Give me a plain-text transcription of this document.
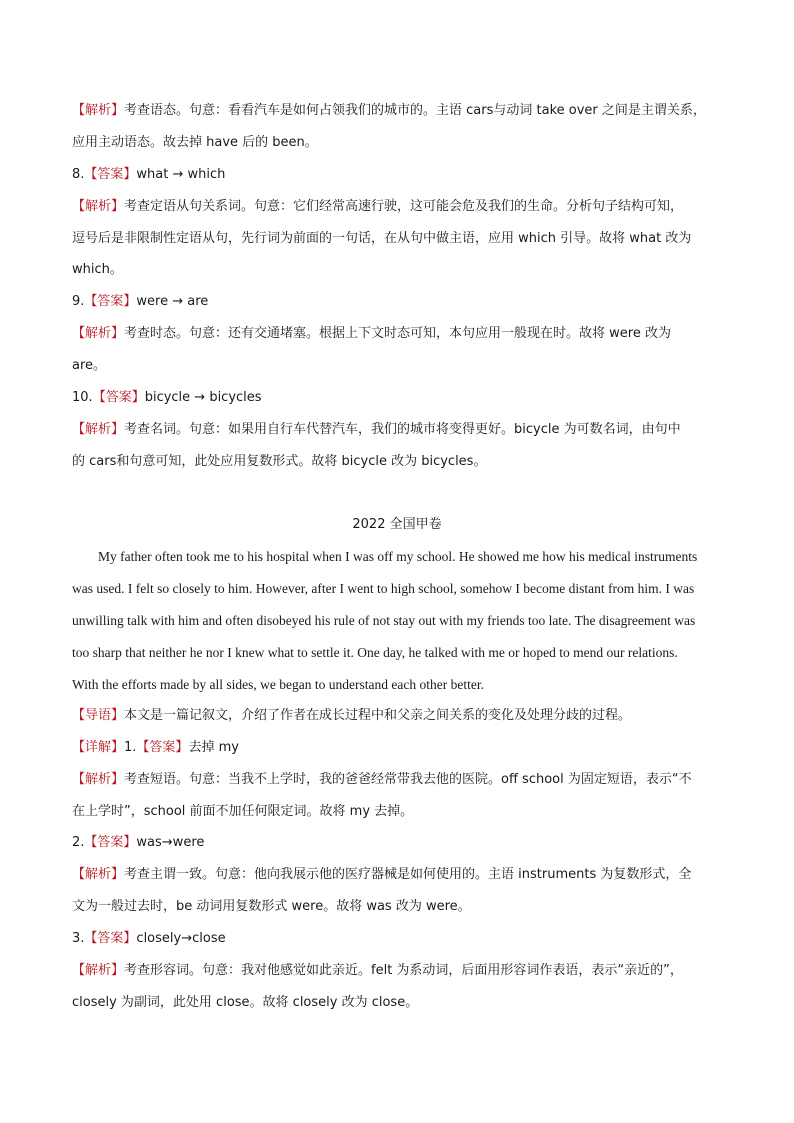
【解析】考查语态。句意：看看汽车是如何占领我们的城市的。主语 cars与动词 take over 之间是主谓关系，
应用主动语态。故去掉 have 后的 been。
8.【答案】what → which
【解析】考查定语从句关系词。句意：它们经常高速行驶，这可能会危及我们的生命。分析句子结构可知，
逗号后是非限制性定语从句，先行词为前面的一句话，在从句中做主语，应用 which 引导。故将 what 改为
which。
9.【答案】were → are
【解析】考查时态。句意：还有交通堵塞。根据上下文时态可知，本句应用一般现在时。故将 were 改为
are。
10.【答案】bicycle → bicycles
【解析】考查名词。句意：如果用自行车代替汽车，我们的城市将变得更好。bicycle 为可数名词，由句中
的 cars和句意可知，此处应用复数形式。故将 bicycle 改为 bicycles。
2022 全国甲卷
My father often took me to his hospital when I was off my school. He showed me how his medical instruments
was used. I felt so closely to him. However, after I went to high school, somehow I become distant from him. I was
unwilling talk with him and often disobeyed his rule of not stay out with my friends too late. The disagreement was
too sharp that neither he nor I knew what to settle it. One day, he talked with me or hoped to mend our relations.
With the efforts made by all sides, we began to understand each other better.
【导语】本文是一篇记叙文，介绍了作者在成长过程中和父亲之间关系的变化及处理分歧的过程。
【详解】1.【答案】去掉 my
【解析】考查短语。句意：当我不上学时，我的爸爸经常带我去他的医院。off school 为固定短语，表示“不
在上学时”，school 前面不加任何限定词。故将 my 去掉。
2.【答案】was→were
【解析】考查主谓一致。句意：他向我展示他的医疗器械是如何使用的。主语 instruments 为复数形式，全
文为一般过去时，be 动词用复数形式 were。故将 was 改为 were。
3.【答案】closely→close
【解析】考查形容词。句意：我对他感觉如此亲近。felt 为系动词，后面用形容词作表语，表示“亲近的”，
closely 为副词，此处用 close。故将 closely 改为 close。
